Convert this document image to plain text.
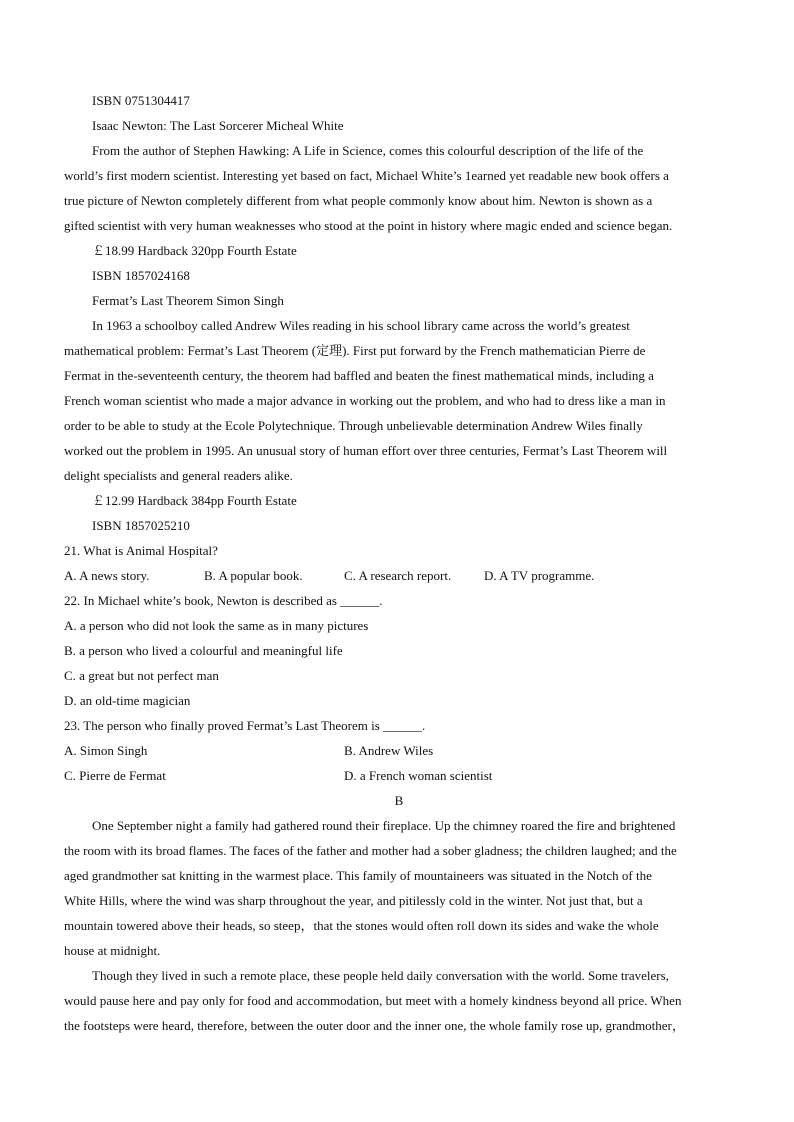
ISBN 0751304417
Isaac Newton: The Last Sorcerer Micheal White
From the author of Stephen Hawking: A Life in Science, comes this colourful description of the life of the
world’s first modern scientist. Interesting yet based on fact, Michael White’s 1earned yet readable new book offers a
true picture of Newton completely different from what people commonly know about him. Newton is shown as a
gifted scientist with very human weaknesses who stood at the point in history where magic ended and science began.
￡18.99 Hardback 320pp Fourth Estate
ISBN 1857024168
Fermat’s Last Theorem Simon Singh
In 1963 a schoolboy called Andrew Wiles reading in his school library came across the world’s greatest
mathematical problem: Fermat’s Last Theorem (定理). First put forward by the French mathematician Pierre de
Fermat in the-seventeenth century, the theorem had baffled and beaten the finest mathematical minds, including a
French woman scientist who made a major advance in working out the problem, and who had to dress like a man in
order to be able to study at the Ecole Polytechnique. Through unbelievable determination Andrew Wiles finally
worked out the problem in 1995. An unusual story of human effort over three centuries, Fermat’s Last Theorem will
delight specialists and general readers alike.
￡12.99 Hardback 384pp Fourth Estate
ISBN 1857025210
21. What is Animal Hospital?
A. A news story.	B. A popular book.	C. A research report.	D. A TV programme.
22. In Michael white’s book, Newton is described as ______.
A. a person who did not look the same as in many pictures
B. a person who lived a colourful and meaningful life
C. a great but not perfect man
D. an old-time magician
23. The person who finally proved Fermat’s Last Theorem is ______.
A. Simon Singh	B. Andrew Wiles
C. Pierre de Fermat	D. a French woman scientist
B
One September night a family had gathered round their fireplace. Up the chimney roared the fire and brightened
the room with its broad flames. The faces of the father and mother had a sober gladness; the children laughed; and the
aged grandmother sat knitting in the warmest place. This family of mountaineers was situated in the Notch of the
White Hills, where the wind was sharp throughout the year, and pitilessly cold in the winter. Not just that, but a
mountain towered above their heads, so steep，that the stones would often roll down its sides and wake the whole
house at midnight.
Though they lived in such a remote place, these people held daily conversation with the world. Some travelers,
would pause here and pay only for food and accommodation, but meet with a homely kindness beyond all price. When
the footsteps were heard, therefore, between the outer door and the inner one, the whole family rose up, grandmother，
